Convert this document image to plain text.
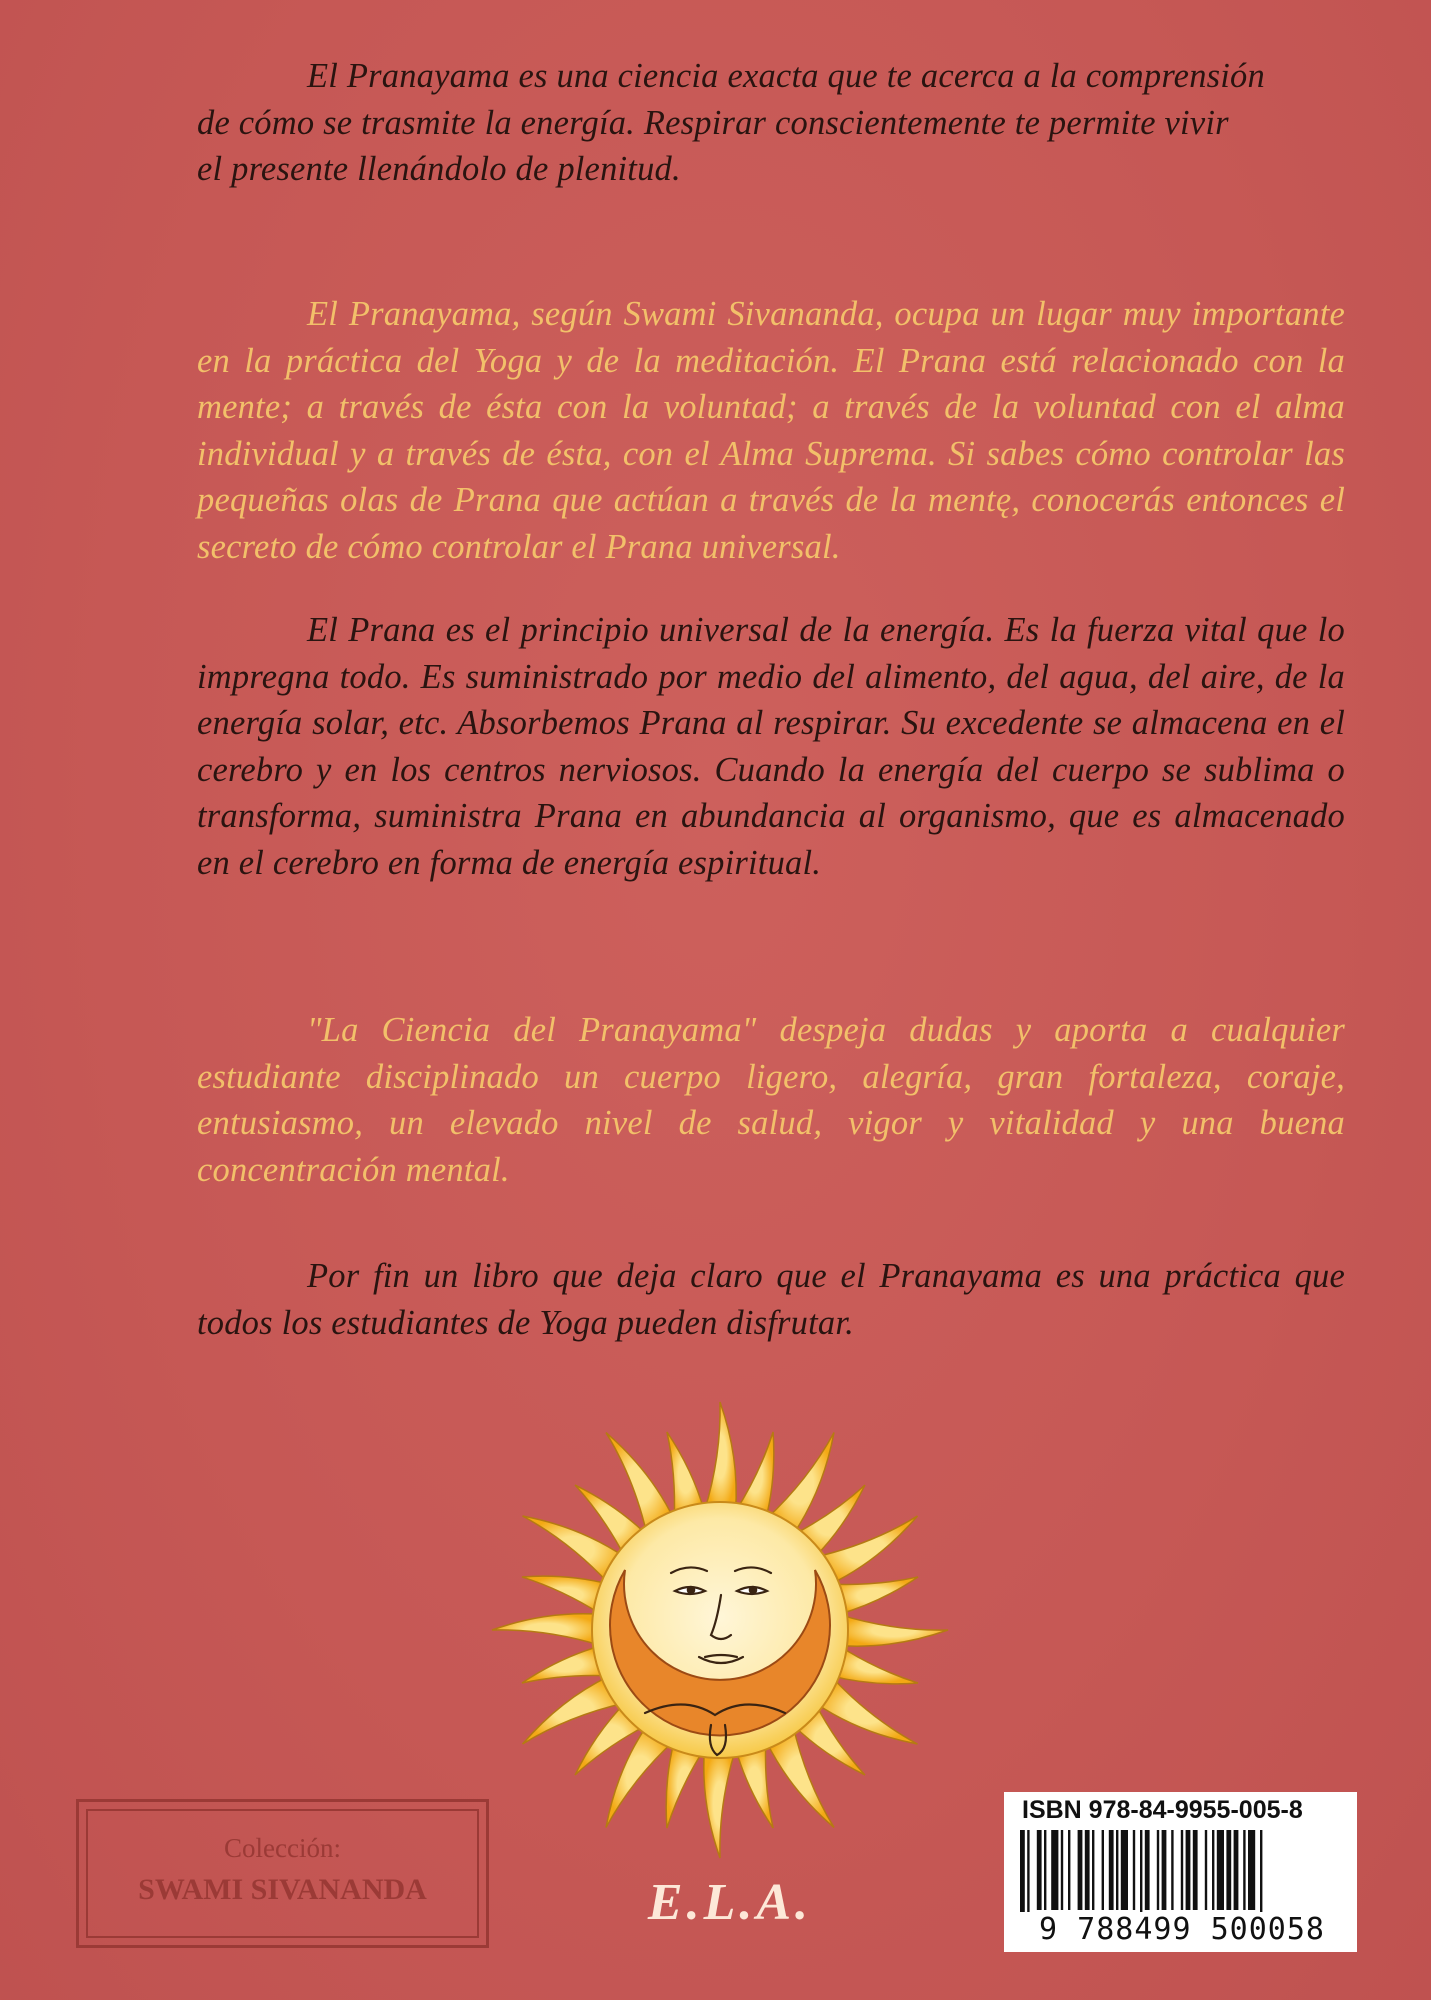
El Pranayama es una ciencia exacta que te acerca a la comprensión
de cómo se trasmite la energía. Respirar conscientemente te permite vivir
el presente llenándolo de plenitud.

El Pranayama, según Swami Sivananda, ocupa un lugar muy importante en la práctica del Yoga y de la meditación. El Prana está relacionado con la mente; a través de ésta con la voluntad; a través de la voluntad con el alma individual y a través de ésta, con el Alma Suprema. Si sabes cómo controlar las pequeñas olas de Prana que actúan a través de la mentę, conocerás entonces el secreto de cómo controlar el Prana universal.

El Prana es el principio universal de la energía. Es la fuerza vital que lo impregna todo. Es suministrado por medio del alimento, del agua, del aire, de la energía solar, etc. Absorbemos Prana al respirar. Su excedente se almacena en el cerebro y en los centros nerviosos. Cuando la energía del cuerpo se sublima o transforma, suministra Prana en abundancia al organismo, que es almacenado en el cerebro en forma de energía espiritual.

"La Ciencia del Pranayama" despeja dudas y aporta a cualquier estudiante disciplinado un cuerpo ligero, alegría, gran fortaleza, coraje, entusiasmo, un elevado nivel de salud, vigor y vitalidad y una buena concentración mental.

Por fin un libro que deja claro que el Pranayama es una práctica que todos los estudiantes de Yoga pueden disfrutar.

Colección:
SWAMI SIVANANDA	E.L.A.
ISBN 978-84-9955-005-8
9 788499 500058
